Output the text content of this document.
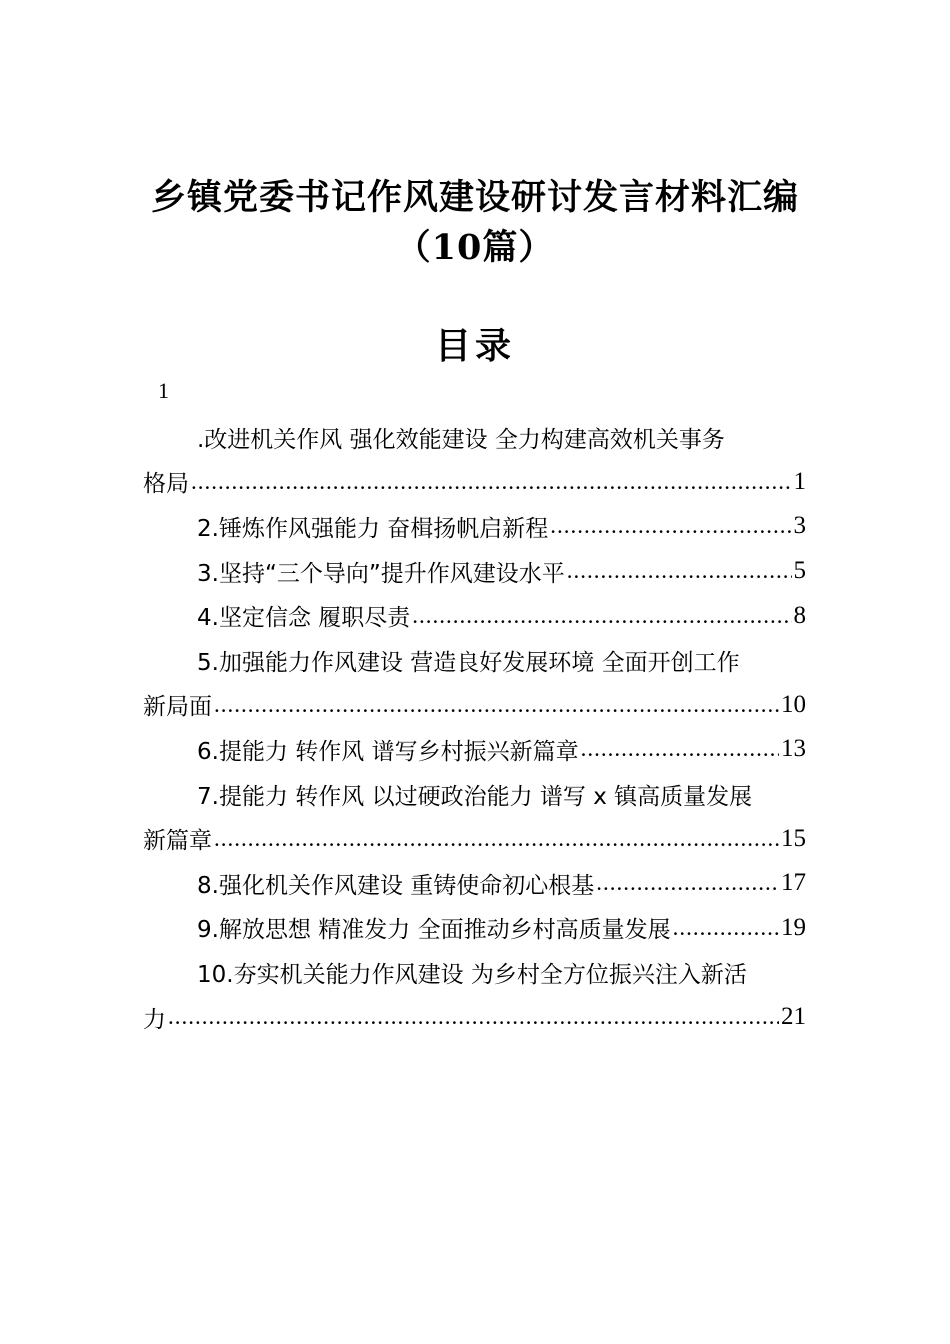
乡镇党委书记作风建设研讨发言材料汇编
（10篇）
目录
1
.改进机关作风 强化效能建设 全力构建高效机关事务
格局 .....	1
2.锤炼作风强能力 奋楫扬帆启新程 .....	3
3.坚持“三个导向”提升作风建设水平 .....	5
4.坚定信念 履职尽责 .....	8
5.加强能力作风建设 营造良好发展环境 全面开创工作
新局面 .....	10
6.提能力 转作风 谱写乡村振兴新篇章 .....	13
7.提能力 转作风 以过硬政治能力 谱写 x 镇高质量发展
新篇章 .....	15
8.强化机关作风建设 重铸使命初心根基 .....	17
9.解放思想 精准发力 全面推动乡村高质量发展 .....	19
10.夯实机关能力作风建设 为乡村全方位振兴注入新活
力 .....	21
